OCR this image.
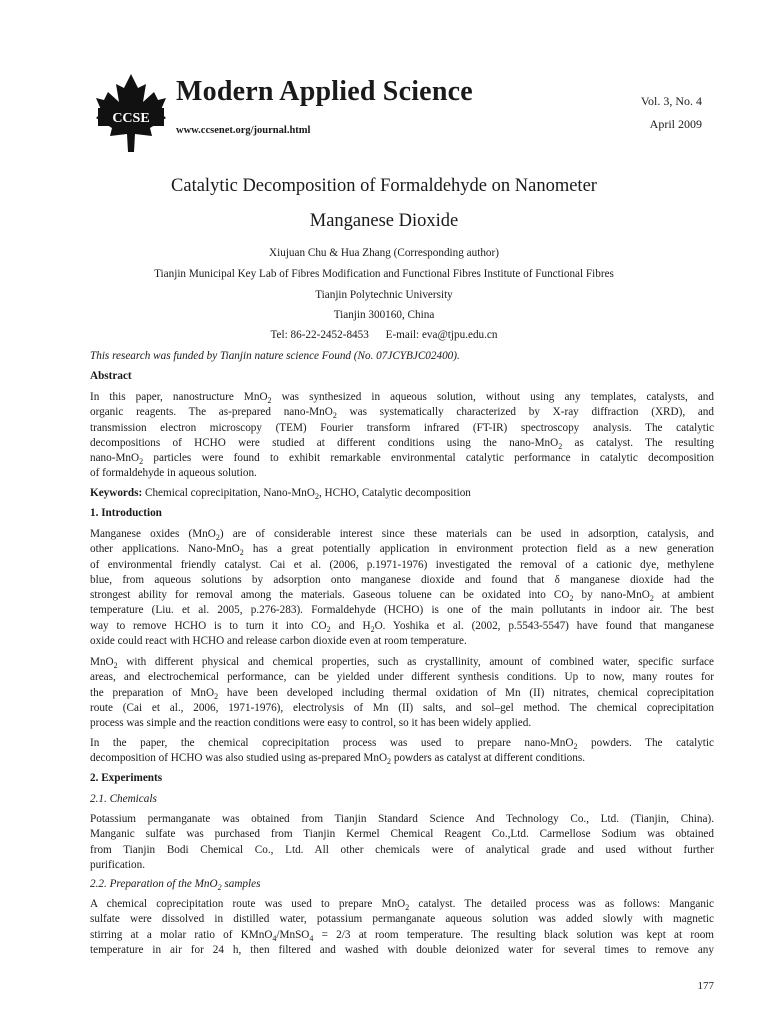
CCSE
Modern Applied Science
www.ccsenet.org/journal.html
Vol. 3, No. 4
April 2009
Catalytic Decomposition of Formaldehyde on Nanometer
Manganese Dioxide
Xiujuan Chu & Hua Zhang (Corresponding author)
Tianjin Municipal Key Lab of Fibres Modification and Functional Fibres Institute of Functional Fibres
Tianjin Polytechnic University
Tianjin 300160, China
Tel: 86-22-2452-8453 E-mail: eva@tjpu.edu.cn
This research was funded by Tianjin nature science Found (No. 07JCYBJC02400).
Abstract
In this paper, nanostructure MnO$_2$ was synthesized in aqueous solution, without using any templates, catalysts, and
organic reagents. The as-prepared nano-MnO$_2$ was systematically characterized by X-ray diffraction (XRD), and
transmission electron microscopy (TEM) Fourier transform infrared (FT-IR) spectroscopy analysis. The catalytic
decompositions of HCHO were studied at different conditions using the nano-MnO$_2$ as catalyst. The resulting
nano-MnO$_2$ particles were found to exhibit remarkable environmental catalytic performance in catalytic decomposition
of formaldehyde in aqueous solution.
Keywords: Chemical coprecipitation, Nano-MnO$_2$, HCHO, Catalytic decomposition
1. Introduction
Manganese oxides (MnO$_2$) are of considerable interest since these materials can be used in adsorption, catalysis, and
other applications. Nano-MnO$_2$ has a great potentially application in environment protection field as a new generation
of environmental friendly catalyst. Cai et al. (2006, p.1971-1976) investigated the removal of a cationic dye, methylene
blue, from aqueous solutions by adsorption onto manganese dioxide and found that δ manganese dioxide had the
strongest ability for removal among the materials. Gaseous toluene can be oxidated into $CO_2$ by nano-MnO$_2$ at ambient
temperature (Liu. et al. 2005, p.276-283). Formaldehyde (HCHO) is one of the main pollutants in indoor air. The best
way to remove HCHO is to turn it into $CO_2$ and $H_2O$. Yoshika et al. (2002, p.5543-5547) have found that manganese
oxide could react with HCHO and release carbon dioxide even at room temperature.
MnO$_2$ with different physical and chemical properties, such as crystallinity, amount of combined water, specific surface
areas, and electrochemical performance, can be yielded under different synthesis conditions. Up to now, many routes for
the preparation of MnO$_2$ have been developed including thermal oxidation of Mn (II) nitrates, chemical coprecipitation
route (Cai et al., 2006, 1971-1976), electrolysis of Mn (II) salts, and sol–gel method. The chemical coprecipitation
process was simple and the reaction conditions were easy to control, so it has been widely applied.
In the paper, the chemical coprecipitation process was used to prepare nano-MnO$_2$ powders. The catalytic
decomposition of HCHO was also studied using as-prepared MnO$_2$ powders as catalyst at different conditions.
2. Experiments
2.1. Chemicals
Potassium permanganate was obtained from Tianjin Standard Science And Technology Co., Ltd. (Tianjin, China).
Manganic sulfate was purchased from Tianjin Kermel Chemical Reagent Co.,Ltd. Carmellose Sodium was obtained
from Tianjin Bodi Chemical Co., Ltd. All other chemicals were of analytical grade and used without further
purification.
2.2. Preparation of the MnO$_2$ samples
A chemical coprecipitation route was used to prepare MnO$_2$ catalyst. The detailed process was as follows: Manganic
sulfate were dissolved in distilled water, potassium permanganate aqueous solution was added slowly with magnetic
stirring at a molar ratio of KMnO$_4$/MnSO$_4$ = 2/3 at room temperature. The resulting black solution was kept at room
temperature in air for 24 h, then filtered and washed with double deionized water for several times to remove any
177
